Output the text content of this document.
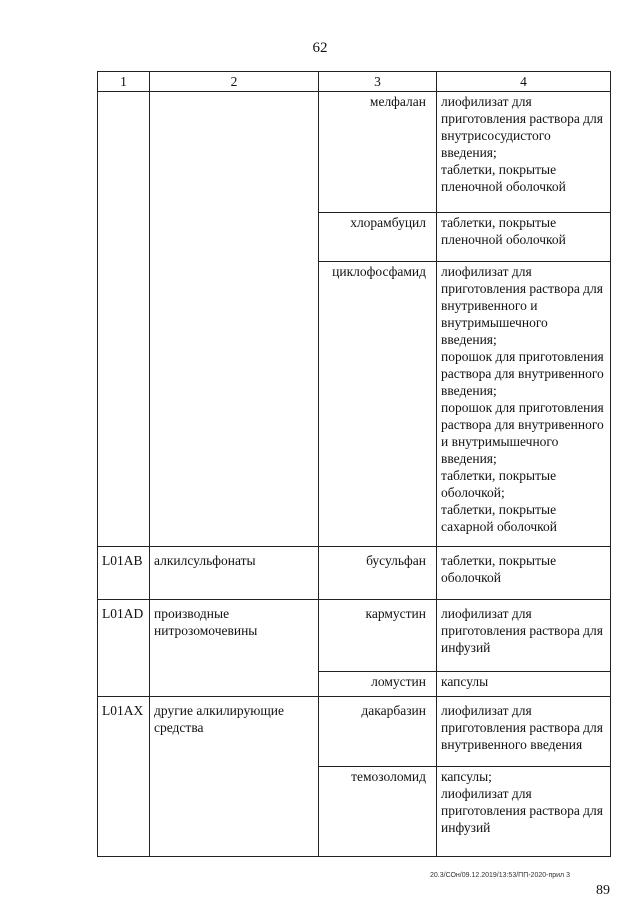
62
1	2	3	4
		мелфалан	лиофилизат для приготовления раствора для внутрисосудистого введения;
таблетки, покрытые пленочной оболочкой

		хлорамбуцил	таблетки, покрытые пленочной оболочкой

		циклофосфамид	лиофилизат для приготовления раствора для внутривенного и внутримышечного введения;
порошок для приготовления раствора для внутривенного введения;
порошок для приготовления раствора для внутривенного и внутримышечного введения;
таблетки, покрытые оболочкой;
таблетки, покрытые сахарной оболочкой

L01AB	алкилсульфонаты	бусульфан	таблетки, покрытые оболочкой

L01AD	производные нитрозомочевины	кармустин	лиофилизат для приготовления раствора для инфузий

		ломустин	капсулы

L01AX	другие алкилирующие средства	дакарбазин	лиофилизат для приготовления раствора для внутривенного введения

		темозоломид	капсулы;
лиофилизат для приготовления раствора для инфузий
20.3/СОн/09.12.2019/13:53/ПП-2020-прил 3
89
